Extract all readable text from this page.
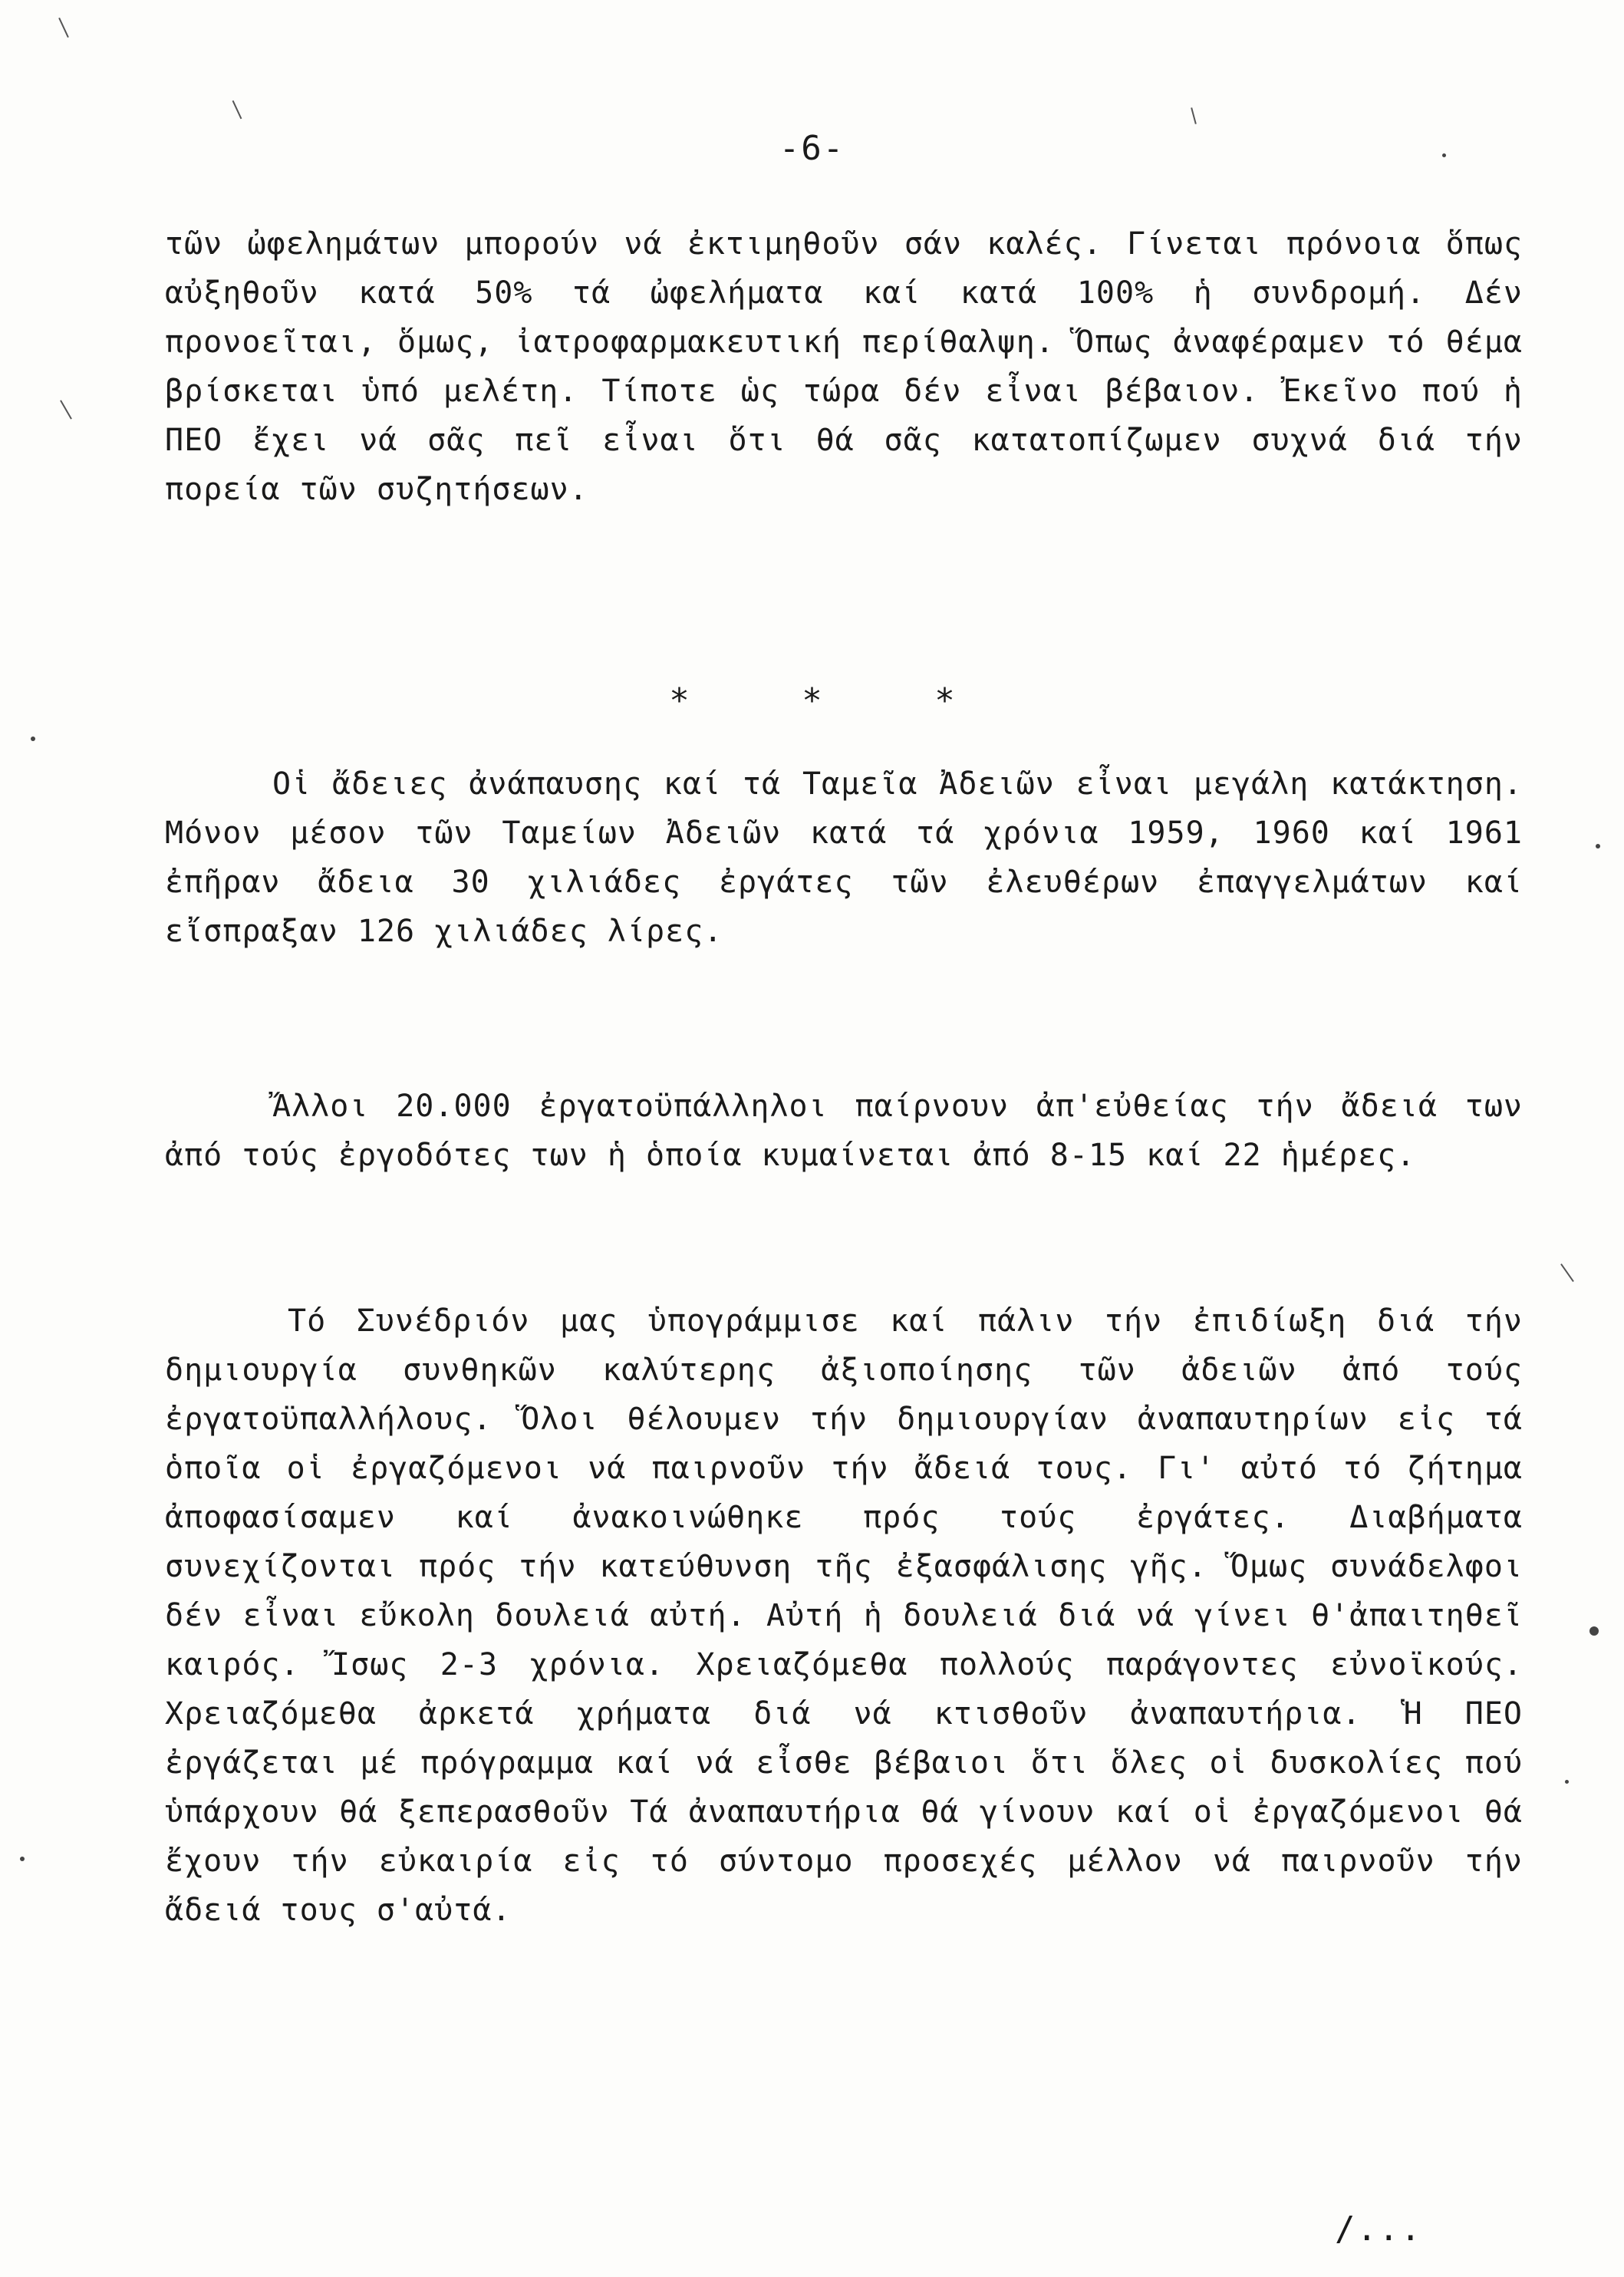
-6-

τῶν ὠφελημάτων μπορούν νά ἐκτιμηθοῦν σάν καλές. Γίνεται πρόνοια ὅπως αὐξηθοῦν κατά 50% τά ὠφελήματα καί κατά 100% ἡ συνδρομή. Δέν προνοεῖται, ὅμως, ἰατροφαρμακευτική περίθαλψη. Ὅπως ἀναφέραμεν τό θέμα βρίσκεται ὑπό μελέτη. Τίποτε ὡς τώρα δέν εἶναι βέβαιον. Ἐκεῖνο πού ἡ ΠΕΟ ἔχει νά σᾶς πεῖ εἶναι ὅτι θά σᾶς κατατοπίζωμεν συχνά διά τήν πορεία τῶν συζητήσεων.

* * *

Οἱ ἄδειες ἀνάπαυσης καί τά Ταμεῖα Ἀδειῶν εἶναι μεγάλη κατάκτηση. Μόνον μέσον τῶν Ταμείων Ἀδειῶν κατά τά χρόνια 1959, 1960 καί 1961 ἐπῆραν ἄδεια 30 χιλιάδες ἐργάτες τῶν ἐλευθέρων ἐπαγγελμάτων καί εἴσπραξαν 126 χιλιάδες λίρες.

Ἄλλοι 20.000 ἐργατοϋπάλληλοι παίρνουν ἀπ'εὐθείας τήν ἄδειά των ἀπό τούς ἐργοδότες των ἡ ὁποία κυμαίνεται ἀπό 8-15 καί 22 ἡμέρες.

Τό Συνέδριόν μας ὑπογράμμισε καί πάλιν τήν ἐπιδίωξη διά τήν δημιουργία συνθηκῶν καλύτερης ἀξιοποίησης τῶν ἀδειῶν ἀπό τούς ἐργατοϋπαλλήλους. Ὅλοι θέλουμεν τήν δημιουργίαν ἀναπαυτηρίων εἰς τά ὁποῖα οἱ ἐργαζόμενοι νά παιρνοῦν τήν ἄδειά τους. Γι' αὐτό τό ζήτημα ἀποφασίσαμεν καί ἀνακοινώθηκε πρός τούς ἐργάτες. Διαβήματα συνεχίζονται πρός τήν κατεύθυνση τῆς ἐξασφάλισης γῆς. Ὅμως συνάδελφοι δέν εἶναι εὔκολη δουλειά αὐτή. Αὐτή ἡ δουλειά διά νά γίνει θ'ἀπαιτηθεῖ καιρός. Ἴσως 2-3 χρόνια. Χρειαζόμεθα πολλούς παράγοντες εὐνοϊκούς. Χρειαζόμεθα ἀρκετά χρήματα διά νά κτισθοῦν ἀναπαυτήρια. Ἡ ΠΕΟ ἐργάζεται μέ πρόγραμμα καί νά εἶσθε βέβαιοι ὅτι ὅλες οἱ δυσκολίες πού ὑπάρχουν θά ξεπερασθοῦν Τά ἀναπαυτήρια θά γίνουν καί οἱ ἐργαζόμενοι θά ἔχουν τήν εὐκαιρία εἰς τό σύντομο προσεχές μέλλον νά παιρνοῦν τήν ἄδειά τους σ'αὐτά.

/...
